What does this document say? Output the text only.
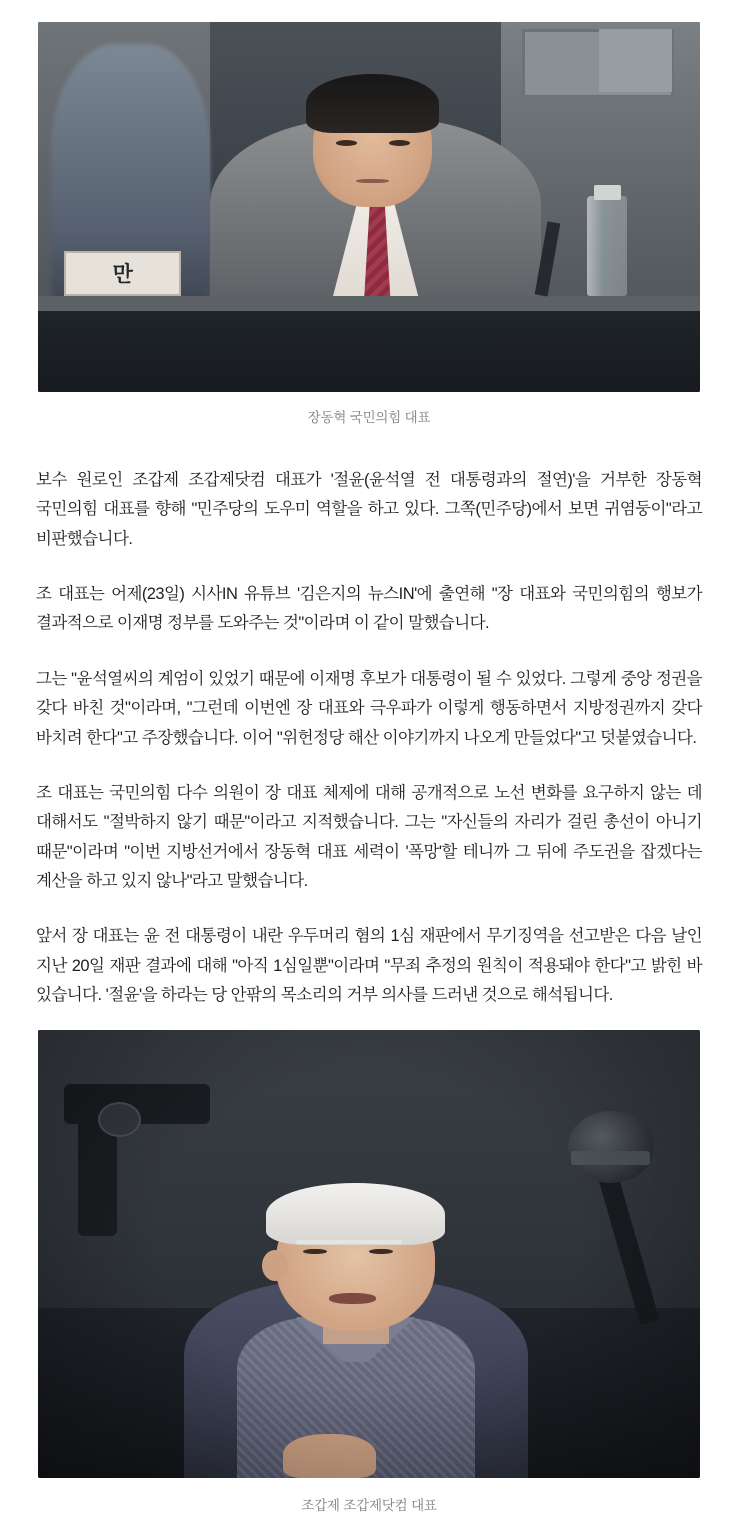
만
장동혁 국민의힘 대표

보수 원로인 조갑제 조갑제닷컴 대표가 '절윤(윤석열 전 대통령과의 절연)'을 거부한 장동혁 국민의힘 대표를 향해 "민주당의 도우미 역할을 하고 있다. 그쪽(민주당)에서 보면 귀염둥이"라고 비판했습니다.

조 대표는 어제(23일) 시사IN 유튜브 '김은지의 뉴스IN'에 출연해 "장 대표와 국민의힘의 행보가 결과적으로 이재명 정부를 도와주는 것"이라며 이 같이 말했습니다.

그는 "윤석열씨의 계엄이 있었기 때문에 이재명 후보가 대통령이 될 수 있었다. 그렇게 중앙 정권을 갖다 바친 것"이라며, "그런데 이번엔 장 대표와 극우파가 이렇게 행동하면서 지방정권까지 갖다 바치려 한다"고 주장했습니다. 이어 "위헌정당 해산 이야기까지 나오게 만들었다"고 덧붙였습니다.

조 대표는 국민의힘 다수 의원이 장 대표 체제에 대해 공개적으로 노선 변화를 요구하지 않는 데 대해서도 "절박하지 않기 때문"이라고 지적했습니다. 그는 "자신들의 자리가 걸린 총선이 아니기 때문"이라며 "이번 지방선거에서 장동혁 대표 세력이 '폭망'할 테니까 그 뒤에 주도권을 잡겠다는 계산을 하고 있지 않나"라고 말했습니다.

앞서 장 대표는 윤 전 대통령이 내란 우두머리 혐의 1심 재판에서 무기징역을 선고받은 다음 날인 지난 20일 재판 결과에 대해 "아직 1심일뿐"이라며 "무죄 추정의 원칙이 적용돼야 한다"고 밝힌 바 있습니다. '절윤'을 하라는 당 안팎의 목소리의 거부 의사를 드러낸 것으로 해석됩니다.

조갑제 조갑제닷컴 대표
